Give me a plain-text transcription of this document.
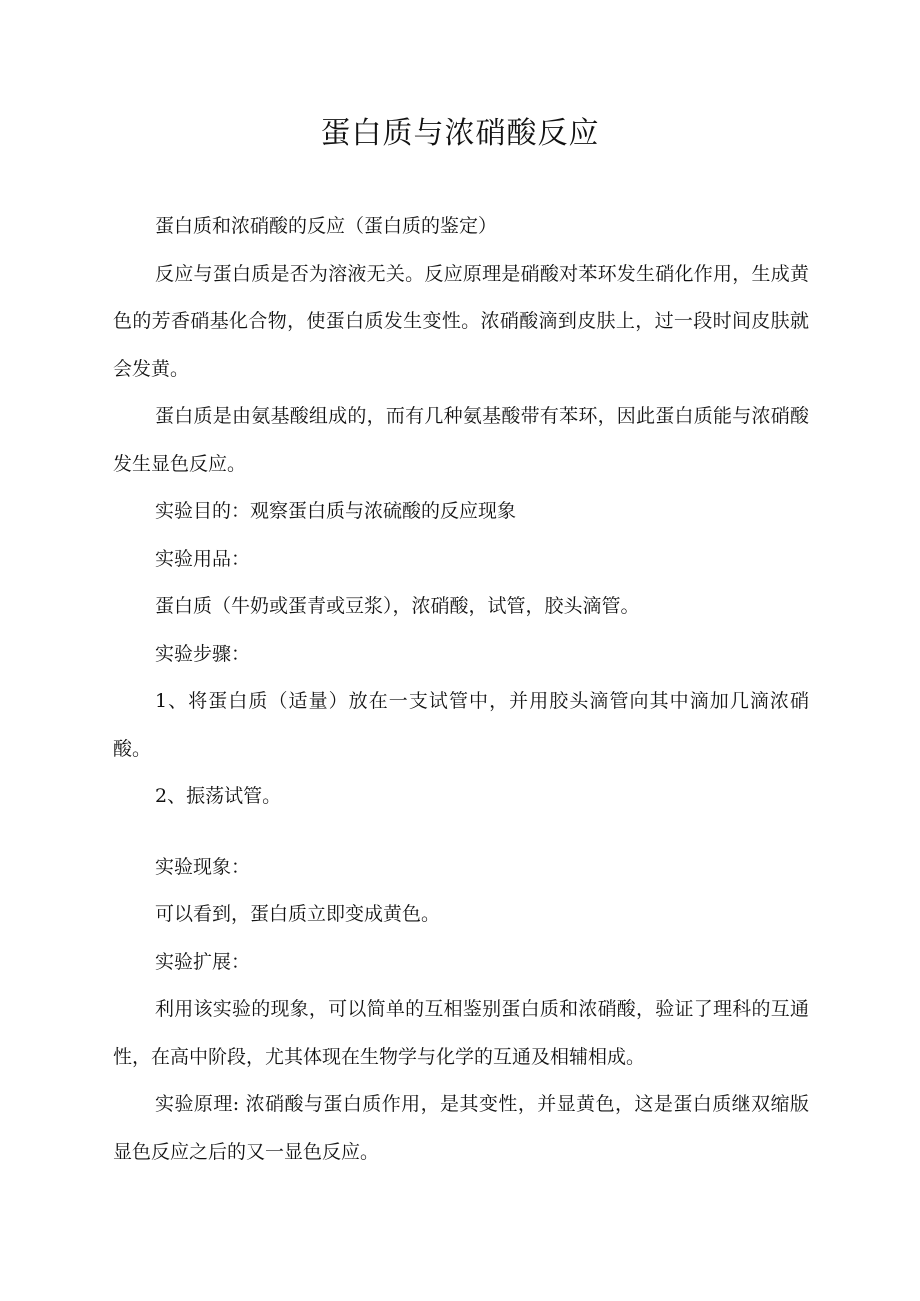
蛋白质与浓硝酸反应

蛋白质和浓硝酸的反应（蛋白质的鉴定）

反应与蛋白质是否为溶液无关。反应原理是硝酸对苯环发生硝化作用，生成黄色的芳香硝基化合物，使蛋白质发生变性。浓硝酸滴到皮肤上，过一段时间皮肤就会发黄。

蛋白质是由氨基酸组成的，而有几种氨基酸带有苯环，因此蛋白质能与浓硝酸发生显色反应。

实验目的：观察蛋白质与浓硫酸的反应现象

实验用品：

蛋白质（牛奶或蛋青或豆浆），浓硝酸，试管，胶头滴管。

实验步骤：

1、将蛋白质（适量）放在一支试管中，并用胶头滴管向其中滴加几滴浓硝酸。

2、振荡试管。

实验现象：

可以看到，蛋白质立即变成黄色。

实验扩展：

利用该实验的现象，可以简单的互相鉴别蛋白质和浓硝酸，验证了理科的互通性，在高中阶段，尤其体现在生物学与化学的互通及相辅相成。

实验原理: 浓硝酸与蛋白质作用，是其变性，并显黄色，这是蛋白质继双缩版显色反应之后的又一显色反应。
